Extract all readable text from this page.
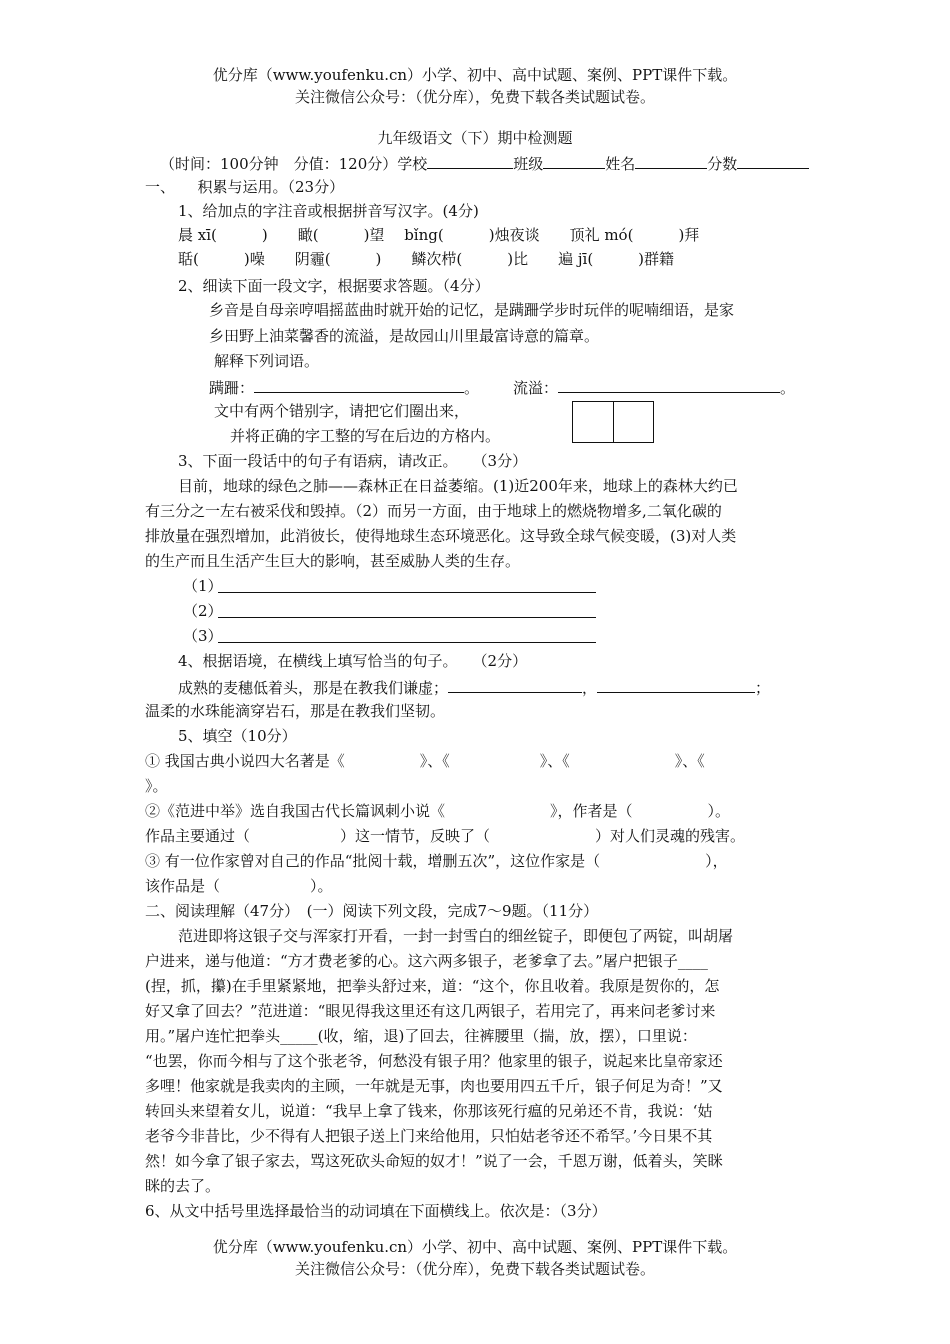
优分库（www.youfenku.cn）小学、初中、高中试题、案例、PPT课件下载。
关注微信公众号：（优分库），免费下载各类试题试卷。
九年级语文（下）期中检测题
（时间：100分钟　分值：120分）学校	班级	姓名	分数
一、　　积累与运用。（23分）
1、给加点的字注音或根据拼音写汉字。(4分)
晨 xī(　　　)　　瞰(　　　)望　 bǐng(　　　)烛夜谈　　顶礼 mó(　　　)拜
聒(　　　)噪　　阴霾(　　　)　　鳞次栉(　　　)比　　遍 jī(　　　)群籍
2、细读下面一段文字，根据要求答题。（4分）
乡音是自母亲哼唱摇蓝曲时就开始的记忆，是蹒跚学步时玩伴的呢喃细语，是家
乡田野上油菜馨香的流溢，是故园山川里最富诗意的篇章。
解释下列词语。
蹒跚：	。 流溢：	。
文中有两个错别字，请把它们圈出来，
并将正确的字工整的写在后边的方格内。
3、下面一段话中的句子有语病，请改正。　　（3分）
目前，地球的绿色之肺——森林正在日益萎缩。(1)近200年来，地球上的森林大约已
有三分之一左右被采伐和毁掉。（2）而另一方面，由于地球上的燃烧物增多,二氧化碳的
排放量在强烈增加，此消彼长，使得地球生态环境恶化。这导致全球气候变暖，(3)对人类
的生产而且生活产生巨大的影响，甚至威胁人类的生存。
（1）
（2）
（3）
4、根据语境，在横线上填写恰当的句子。　　（2分）
成熟的麦穗低着头，那是在教我们谦虚；	，	；
温柔的水珠能滴穿岩石，那是在教我们坚韧。
5、填空（10分）
① 我国古典小说四大名著是《　　　　　》、《　　　　　　》、《　　　　　　　》、《
》。
②《范进中举》选自我国古代长篇讽刺小说《　　　　　　　》，作者是（　　　　　）。
作品主要通过（　　　　　　）这一情节，反映了（　　　　　　　）对人们灵魂的残害。
③ 有一位作家曾对自己的作品“批阅十载，增删五次”，这位作家是（　　　　　　　），
该作品是（　　　　　　）。
二、阅读理解（47分）　(一）阅读下列文段，完成7～9题。（11分）
范进即将这银子交与浑家打开看，一封一封雪白的细丝锭子，即便包了两锭，叫胡屠
户进来，递与他道：“方才费老爹的心。这六两多银子，老爹拿了去。”屠户把银子____
(捏，抓，攥)在手里紧紧地，把拳头舒过来，道：“这个，你且收着。我原是贺你的，怎
好又拿了回去？”范进道：“眼见得我这里还有这几两银子，若用完了，再来问老爹讨来
用。”屠户连忙把拳头_____(收，缩，退)了回去，往裤腰里（揣，放，摆），口里说：
“也罢，你而今相与了这个张老爷，何愁没有银子用？他家里的银子，说起来比皇帝家还
多哩！他家就是我卖肉的主顾，一年就是无事，肉也要用四五千斤，银子何足为奇！”又
转回头来望着女儿，说道：“我早上拿了钱来，你那该死行瘟的兄弟还不肯，我说：‘姑
老爷今非昔比，少不得有人把银子送上门来给他用，只怕姑老爷还不希罕。’今日果不其
然！如今拿了银子家去，骂这死砍头命短的奴才！”说了一会，千恩万谢，低着头，笑眯
眯的去了。
6、从文中括号里选择最恰当的动词填在下面横线上。依次是：（3分）
优分库（www.youfenku.cn）小学、初中、高中试题、案例、PPT课件下载。
关注微信公众号：（优分库），免费下载各类试题试卷。
